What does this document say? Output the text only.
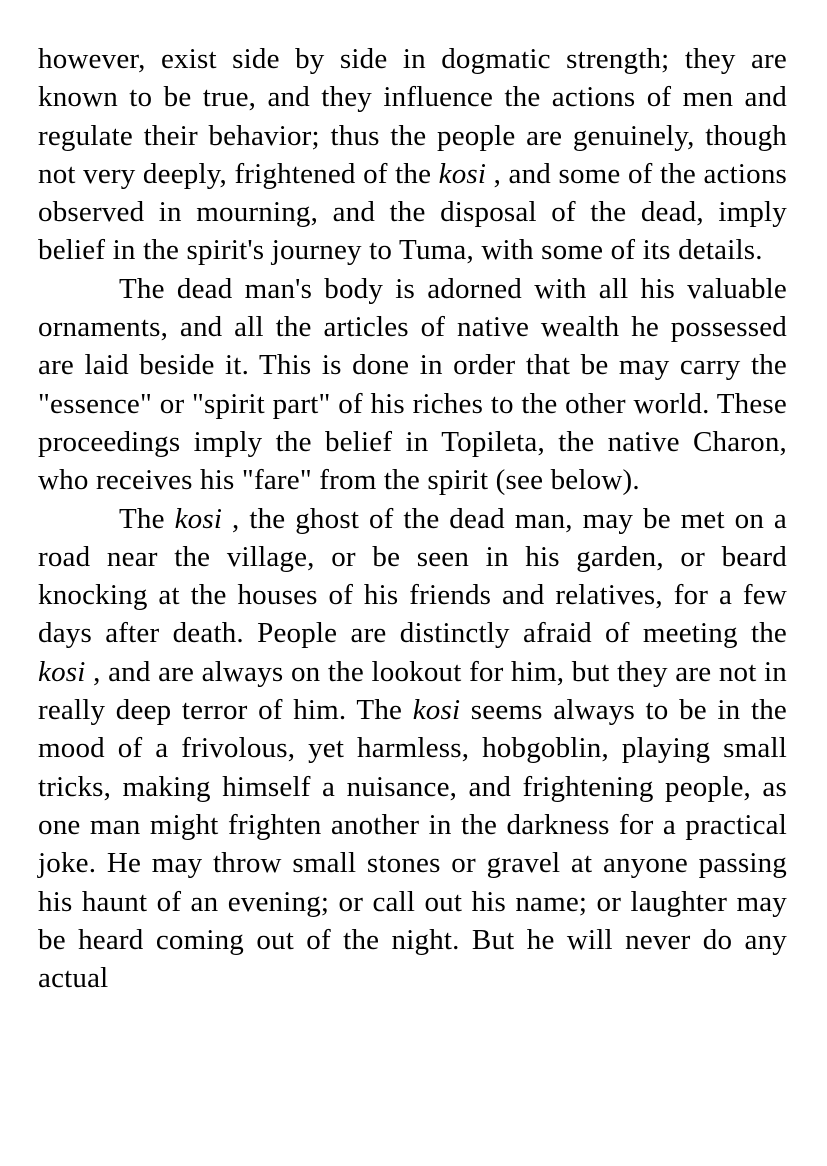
however, exist side by side in dogmatic strength; they are known to be true, and they influence the actions of men and regulate their behavior; thus the people are genuinely, though not very deeply, frightened of the kosi , and some of the actions observed in mourning, and the disposal of the dead, imply belief in the spirit's journey to Tuma, with some of its details.

The dead man's body is adorned with all his valuable ornaments, and all the articles of native wealth he possessed are laid beside it. This is done in order that be may carry the "essence" or "spirit part" of his riches to the other world. These proceedings imply the belief in Topileta, the native Charon, who receives his "fare" from the spirit (see below).

The kosi , the ghost of the dead man, may be met on a road near the village, or be seen in his garden, or beard knocking at the houses of his friends and relatives, for a few days after death. People are distinctly afraid of meeting the kosi , and are always on the lookout for him, but they are not in really deep terror of him. The kosi seems always to be in the mood of a frivolous, yet harmless, hobgoblin, playing small tricks, making himself a nuisance, and frightening people, as one man might frighten another in the darkness for a practical joke. He may throw small stones or gravel at anyone passing his haunt of an evening; or call out his name; or laughter may be heard coming out of the night. But he will never do any actual
